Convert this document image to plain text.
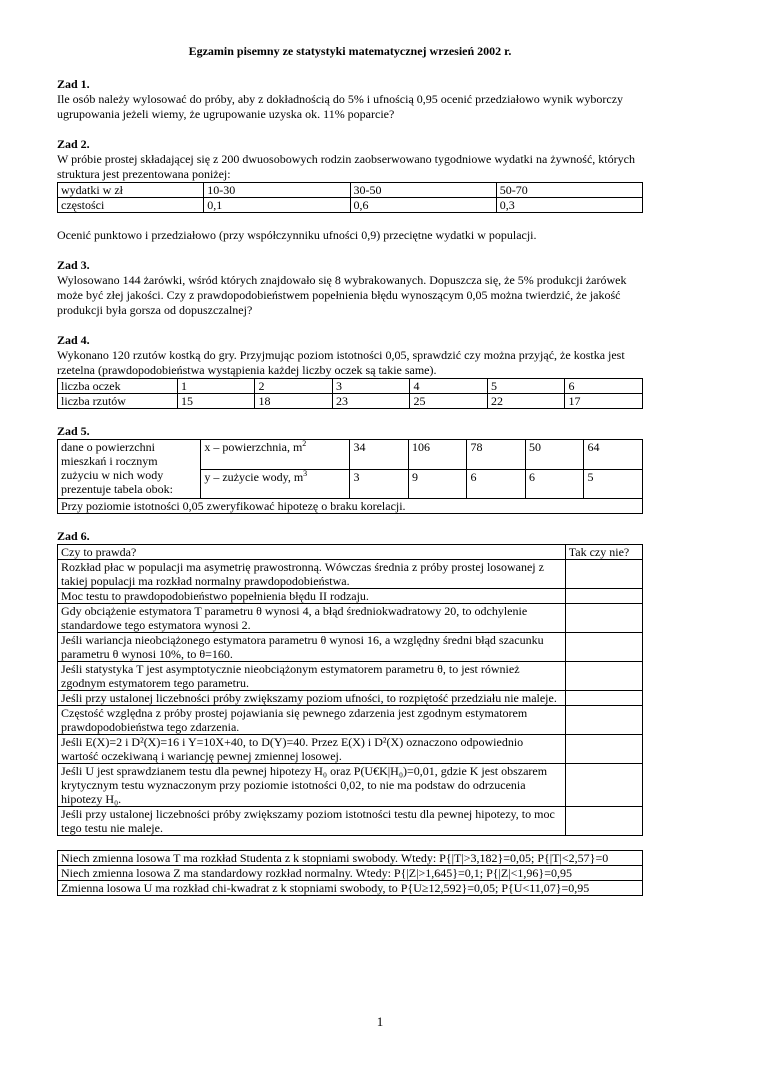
Egzamin pisemny ze statystyki matematycznej wrzesień 2002 r.

Zad 1.

Ile osób należy wylosować do próby, aby z dokładnością do 5% i ufnością 0,95 ocenić przedziałowo wynik wyborczy ugrupowania jeżeli wiemy, że ugrupowanie uzyska ok. 11% poparcie?

Zad 2.

W próbie prostej składającej się z 200 dwuosobowych rodzin zaobserwowano tygodniowe wydatki na żywność, których struktura jest prezentowana poniżej:

wydatki w zł	10-30	30-50	50-70
częstości	0,1	0,6	0,3

Ocenić punktowo i przedziałowo (przy współczynniku ufności 0,9) przeciętne wydatki w populacji.

Zad 3.

Wylosowano 144 żarówki, wśród których znajdowało się 8 wybrakowanych. Dopuszcza się, że 5% produkcji żarówek może być złej jakości. Czy z prawdopodobieństwem popełnienia błędu wynoszącym 0,05 można twierdzić, że jakość produkcji była gorsza od dopuszczalnej?

Zad 4.

Wykonano 120 rzutów kostką do gry. Przyjmując poziom istotności 0,05, sprawdzić czy można przyjąć, że kostka jest rzetelna (prawdopodobieństwa wystąpienia każdej liczby oczek są takie same).

liczba oczek	1	2	3	4	5	6
liczba rzutów	15	18	23	25	22	17

Zad 5.

dane o powierzchni mieszkań i rocznym zużyciu w nich wody prezentuje tabela obok:	x – powierzchnia, $m^2$	34	106	78	50	64
	y – zużycie wody, $m^3$	3	9	6	6	5
Przy poziomie istotności 0,05 zweryfikować hipotezę o braku korelacji.						

Zad 6.

Czy to prawda?	Tak czy nie?
Rozkład płac w populacji ma asymetrię prawostronną. Wówczas średnia z próby prostej losowanej z takiej populacji ma rozkład normalny prawdopodobieństwa.	
Moc testu to prawdopodobieństwo popełnienia błędu II rodzaju.	
Gdy obciążenie estymatora T parametru θ wynosi 4, a błąd średniokwadratowy 20, to odchylenie standardowe tego estymatora wynosi 2.	
Jeśli wariancja nieobciążonego estymatora parametru θ wynosi 16, a względny średni błąd szacunku parametru θ wynosi 10%, to θ=160.	
Jeśli statystyka T jest asymptotycznie nieobciążonym estymatorem parametru θ, to jest również zgodnym estymatorem tego parametru.	
Jeśli przy ustalonej liczebności próby zwiększamy poziom ufności, to rozpiętość przedziału nie maleje.	
Częstość względna z próby prostej pojawiania się pewnego zdarzenia jest zgodnym estymatorem prawdopodobieństwa tego zdarzenia.	
Jeśli E(X)=2 i D²(X)=16 i Y=10X+40, to D(Y)=40. Przez E(X) i D²(X) oznaczono odpowiednio wartość oczekiwaną i wariancję pewnej zmiennej losowej.	
Jeśli U jest sprawdzianem testu dla pewnej hipotezy H₀ oraz P(U€K|H₀)=0,01, gdzie K jest obszarem krytycznym testu wyznaczonym przy poziomie istotności 0,02, to nie ma podstaw do odrzucenia hipotezy H₀.	
Jeśli przy ustalonej liczebności próby zwiększamy poziom istotności testu dla pewnej hipotezy, to moc tego testu nie maleje.	
Niech zmienna losowa T ma rozkład Studenta z k stopniami swobody. Wtedy: P{|T|>3,182}=0,05; P{|T|<2,57}=0
Niech zmienna losowa Z ma standardowy rozkład normalny. Wtedy: P{|Z|>1,645}=0,1; P{|Z|<1,96}=0,95
Zmienna losowa U ma rozkład chi-kwadrat z k stopniami swobody, to P{U≥12,592}=0,05; P{U<11,07}=0,95
1
